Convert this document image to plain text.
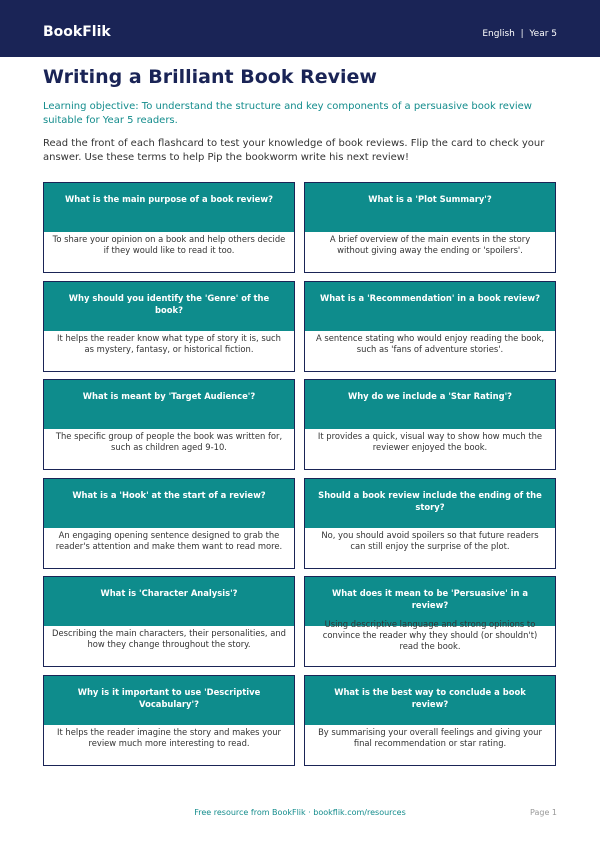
BookFlik	English  |  Year 5
Writing a Brilliant Book Review
Learning objective: To understand the structure and key components of a persuasive book review suitable for Year 5 readers.
Read the front of each flashcard to test your knowledge of book reviews. Flip the card to check your answer. Use these terms to help Pip the bookworm write his next review!
What is the main purpose of a book review?
To share your opinion on a book and help others decide if they would like to read it too.
What is a 'Plot Summary'?
A brief overview of the main events in the story without giving away the ending or 'spoilers'.
Why should you identify the 'Genre' of the book?
It helps the reader know what type of story it is, such as mystery, fantasy, or historical fiction.
What is a 'Recommendation' in a book review?
A sentence stating who would enjoy reading the book, such as 'fans of adventure stories'.
What is meant by 'Target Audience'?
The specific group of people the book was written for, such as children aged 9-10.
Why do we include a 'Star Rating'?
It provides a quick, visual way to show how much the reviewer enjoyed the book.
What is a 'Hook' at the start of a review?
An engaging opening sentence designed to grab the reader's attention and make them want to read more.
Should a book review include the ending of the story?
No, you should avoid spoilers so that future readers can still enjoy the surprise of the plot.
What is 'Character Analysis'?
Describing the main characters, their personalities, and how they change throughout the story.
What does it mean to be 'Persuasive' in a review?
Using descriptive language and strong opinions to convince the reader why they should (or shouldn't) read the book.
Why is it important to use 'Descriptive Vocabulary'?
It helps the reader imagine the story and makes your review much more interesting to read.
What is the best way to conclude a book review?
By summarising your overall feelings and giving your final recommendation or star rating.
Free resource from BookFlik · bookflik.com/resources	Page 1
